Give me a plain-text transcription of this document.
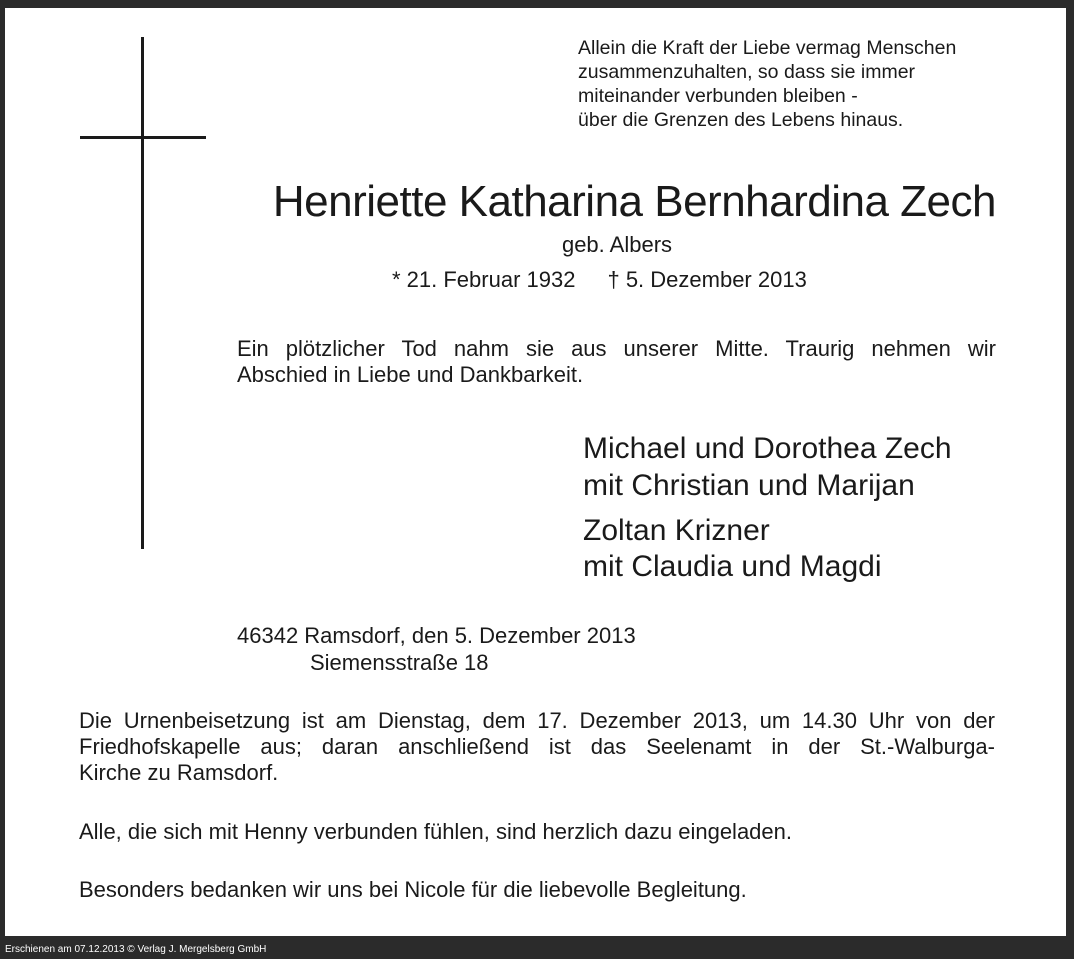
Allein die Kraft der Liebe vermag Menschen
zusammenzuhalten, so dass sie immer
miteinander verbunden bleiben -
über die Grenzen des Lebens hinaus.
Henriette Katharina Bernhardina Zech
geb. Albers
* 21. Februar 1932 † 5. Dezember 2013
Ein plötzlicher Tod nahm sie aus unserer Mitte. Traurig nehmen wir
Abschied in Liebe und Dankbarkeit.
Michael und Dorothea Zech
mit Christian und Marijan
Zoltan Krizner
mit Claudia und Magdi
46342 Ramsdorf, den 5. Dezember 2013
Siemensstraße 18
Die Urnenbeisetzung ist am Dienstag, dem 17. Dezember 2013, um 14.30 Uhr von der
Friedhofskapelle aus; daran anschließend ist das Seelenamt in der St.-Walburga-
Kirche zu Ramsdorf.
Alle, die sich mit Henny verbunden fühlen, sind herzlich dazu eingeladen.
Besonders bedanken wir uns bei Nicole für die liebevolle Begleitung.
Erschienen am 07.12.2013 © Verlag J. Mergelsberg GmbH
